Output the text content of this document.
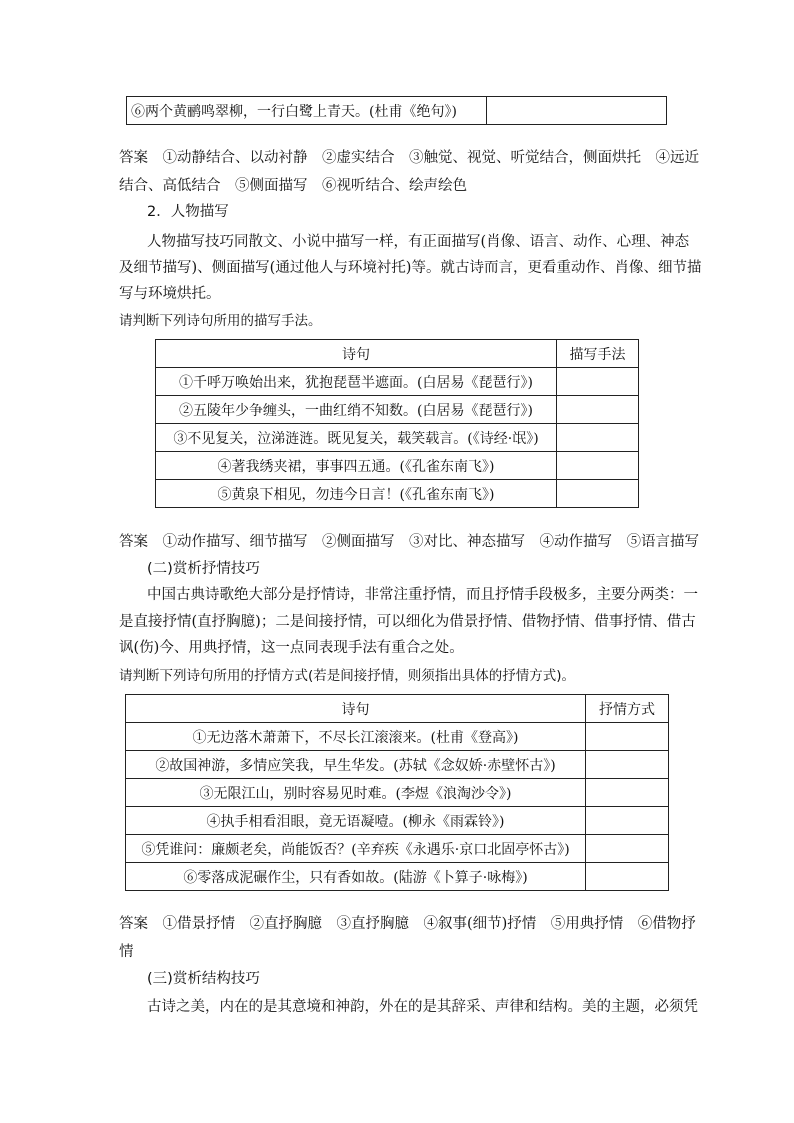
⑥两个黄鹂鸣翠柳，一行白鹭上青天。(杜甫《绝句》)	
答案　①动静结合、以动衬静　②虚实结合　③触觉、视觉、听觉结合，侧面烘托　④远近
结合、高低结合　⑤侧面描写　⑥视听结合、绘声绘色
2．人物描写
人物描写技巧同散文、小说中描写一样，有正面描写(肖像、语言、动作、心理、神态
及细节描写)、侧面描写(通过他人与环境衬托)等。就古诗而言，更看重动作、肖像、细节描
写与环境烘托。
请判断下列诗句所用的描写手法。
诗句	描写手法
①千呼万唤始出来，犹抱琵琶半遮面。(白居易《琵琶行》)	
②五陵年少争缠头，一曲红绡不知数。(白居易《琵琶行》)	
③不见复关，泣涕涟涟。既见复关，载笑载言。(《诗经·氓》)	
④著我绣夹裙，事事四五通。(《孔雀东南飞》)	
⑤黄泉下相见，勿违今日言！(《孔雀东南飞》)	
答案　①动作描写、细节描写　②侧面描写　③对比、神态描写　④动作描写　⑤语言描写
(二)赏析抒情技巧
中国古典诗歌绝大部分是抒情诗，非常注重抒情，而且抒情手段极多，主要分两类：一
是直接抒情(直抒胸臆)；二是间接抒情，可以细化为借景抒情、借物抒情、借事抒情、借古
讽(伤)今、用典抒情，这一点同表现手法有重合之处。
请判断下列诗句所用的抒情方式(若是间接抒情，则须指出具体的抒情方式)。
诗句	抒情方式
①无边落木萧萧下，不尽长江滚滚来。(杜甫《登高》)	
②故国神游，多情应笑我，早生华发。(苏轼《念奴娇·赤壁怀古》)	
③无限江山，别时容易见时难。(李煜《浪淘沙令》)	
④执手相看泪眼，竟无语凝噎。(柳永《雨霖铃》)	
⑤凭谁问：廉颇老矣，尚能饭否？(辛弃疾《永遇乐·京口北固亭怀古》)	
⑥零落成泥碾作尘，只有香如故。(陆游《卜算子·咏梅》)	
答案　①借景抒情　②直抒胸臆　③直抒胸臆　④叙事(细节)抒情　⑤用典抒情　⑥借物抒
情
(三)赏析结构技巧
古诗之美，内在的是其意境和神韵，外在的是其辞采、声律和结构。美的主题，必须凭
